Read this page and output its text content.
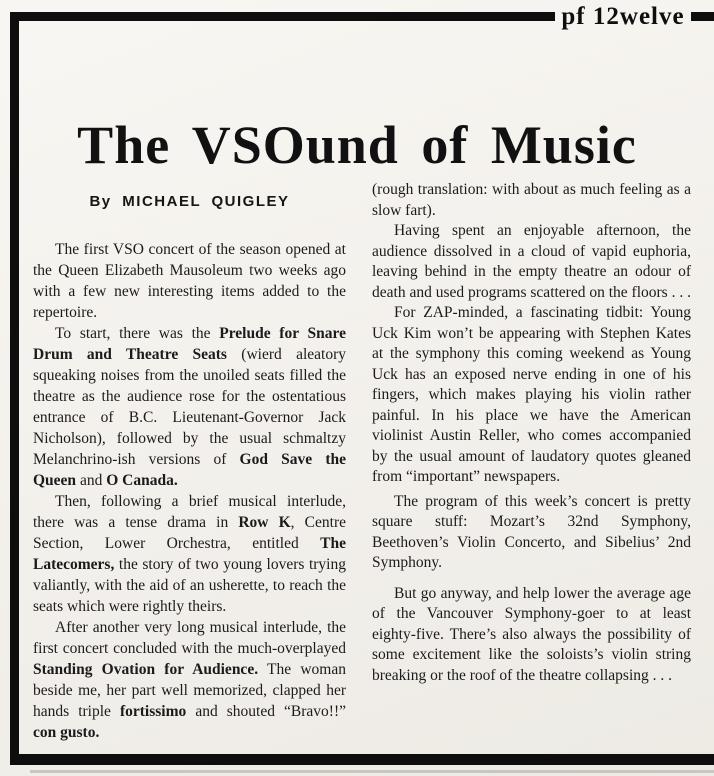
pf 12welve
The VSOund of Music
By MICHAEL QUIGLEY

The first VSO concert of the season opened at the Queen Elizabeth Mausoleum two weeks ago with a few new interesting items added to the repertoire.

To start, there was the Prelude for Snare Drum and Theatre Seats (wierd aleatory squeaking noises from the unoiled seats filled the theatre as the audience rose for the ostentatious entrance of B.C. Lieutenant-Governor Jack Nicholson), followed by the usual schmaltzy Melanchrino-ish versions of God Save the Queen and O Canada.

Then, following a brief musical interlude, there was a tense drama in Row K, Centre Section, Lower Orchestra, entitled The Latecomers, the story of two young lovers trying valiantly, with the aid of an usherette, to reach the seats which were rightly theirs.

After another very long musical interlude, the first concert concluded with the much-overplayed Standing Ovation for Audience. The woman beside me, her part well memorized, clapped her hands triple fortissimo and shouted “Bravo!!” con gusto.

(rough translation: with about as much feeling as a slow fart).

Having spent an enjoyable afternoon, the audience dissolved in a cloud of vapid euphoria, leaving behind in the empty theatre an odour of death and used programs scattered on the floors . . .

For ZAP-minded, a fascinating tidbit: Young Uck Kim won’t be appearing with Stephen Kates at the symphony this coming weekend as Young Uck has an exposed nerve ending in one of his fingers, which makes playing his violin rather painful. In his place we have the American violinist Austin Reller, who comes accompanied by the usual amount of laudatory quotes gleaned from “important” newspapers.

The program of this week’s concert is pretty square stuff: Mozart’s 32nd Symphony, Beethoven’s Violin Concerto, and Sibelius’ 2nd Symphony.

But go anyway, and help lower the average age of the Vancouver Symphony-goer to at least eighty-five. There’s also always the possibility of some excitement like the soloists’s violin string breaking or the roof of the theatre collapsing . . .
